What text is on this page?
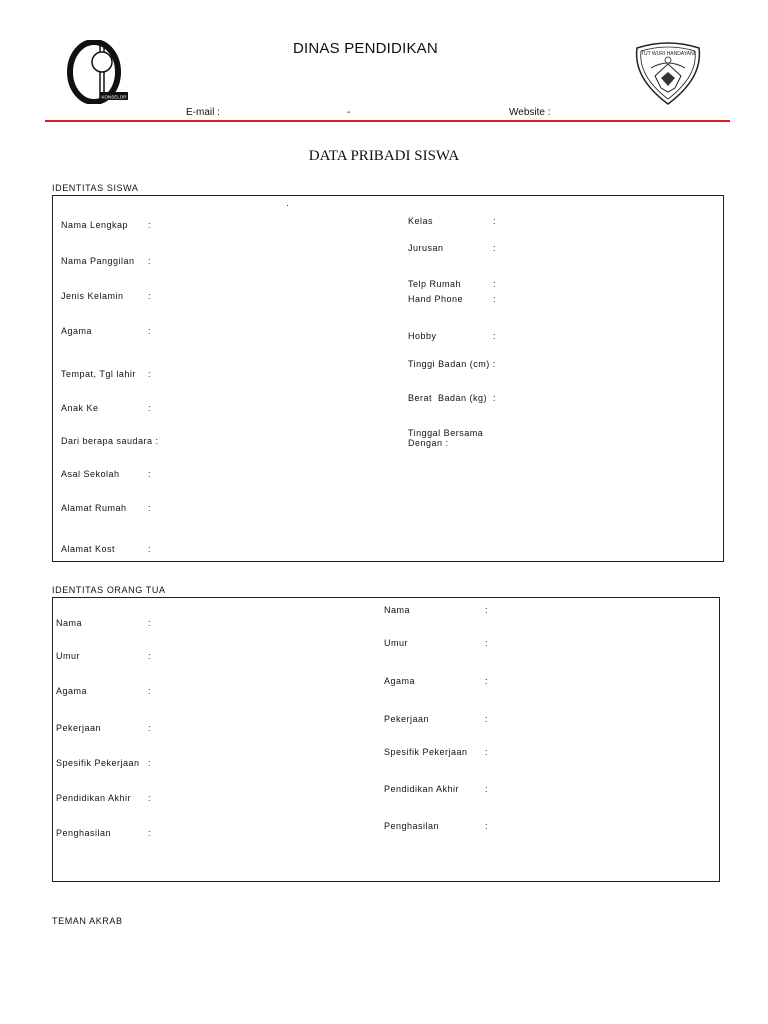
KONSELOR
DINAS PENDIDIKAN	TUT WURI HANDAYANI
E-mail :	-	Website :
DATA PRIBADI SISWA
IDENTITAS SISWA
·
Nama Lengkap :
Nama Panggilan :
Jenis Kelamin	:
Agama	:
Tempat, Tgl lahir :
Anak Ke	:
Dari berapa saudara :
Asal Sekolah	:
Alamat Rumah :
Alamat Kost	:
Kelas	:
Jurusan	:
Telp Rumah	:
Hand Phone	:
Hobby	:
Tinggi Badan (cm) :
Berat  Badan (kg) :
Tinggal Bersama
Dengan :
IDENTITAS ORANG TUA
Nama	:
Umur	:
Agama	:
Pekerjaan	:
Spesifik Pekerjaan :
Pendidikan Akhir :
Penghasilan	:
Nama	:
Umur	:
Agama	:
Pekerjaan	:
Spesifik Pekerjaan :
Pendidikan Akhir	:
Penghasilan	:
TEMAN AKRAB
